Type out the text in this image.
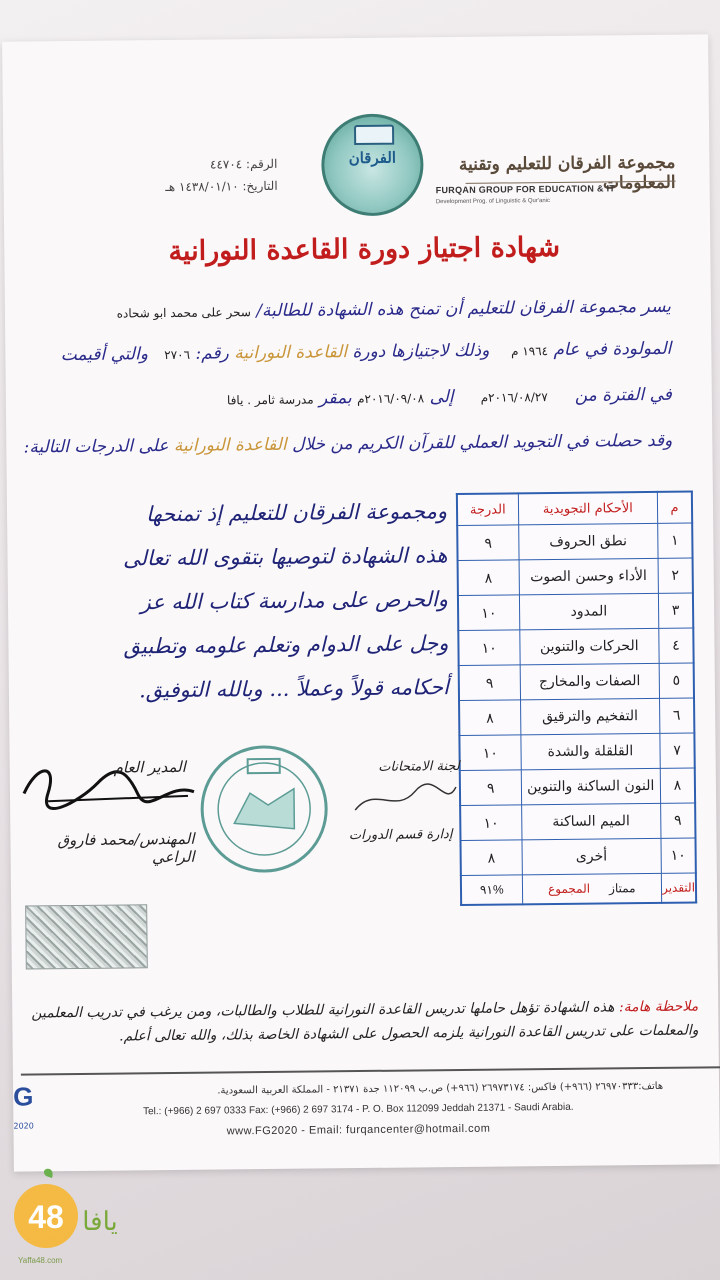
مجموعة الفرقان للتعليم وتقنية المعلومات
FURQAN GROUP FOR EDUCATION & IT
Development Prog. of Linguistic & Qur'anic
الفرقان
الرقم: ٤٤٧٠٤
التاريخ: ١٤٣٨/٠١/١٠ هـ
شهادة اجتياز دورة القاعدة النورانية
يسر مجموعة الفرقان للتعليم أن تمنح هذه الشهادة للطالبة/ سحر على محمد ابو شحاده
المولودة في عام ١٩٦٤ م    وذلك لاجتيازها دورة القاعدة النورانية رقم: ٢٧٠٦   والتي أقيمت
في الفترة من     ٢٠١٦/٠٨/٢٧م     إلى ٢٠١٦/٠٩/٠٨م بمقر مدرسة ثامر . يافا
وقد حصلت في التجويد العملي للقرآن الكريم من خلال القاعدة النورانية على الدرجات التالية:
ومجموعة الفرقان للتعليم إذ تمنحها هذه الشهادة لتوصيها بتقوى الله تعالى والحرص على مدارسة كتاب الله عز وجل على الدوام وتعلم علومه وتطبيق أحكامه قولاً وعملاً ... وبالله التوفيق.
م	الأحكام التجويدية	الدرجة
١	نطق الحروف	٩
٢	الأداء وحسن الصوت	٨
٣	المدود	١٠
٤	الحركات والتنوين	١٠
٥	الصفات والمخارج	٩
٦	التفخيم والترقيق	٨
٧	القلقلة والشدة	١٠
٨	النون الساكنة والتنوين	٩
٩	الميم الساكنة	١٠
١٠	أخرى	٨
التقدير	ممتاز     المجموع	%٩١
المدير العام
المهندس/محمد فاروق الراعي
لجنة الامتحانات
إدارة قسم الدورات
ملاحظة هامة: هذه الشهادة تؤهل حاملها تدريس القاعدة النورانية للطلاب والطالبات، ومن يرغب في تدريب المعلمين والمعلمات على تدريس القاعدة النورانية يلزمه الحصول على الشهادة الخاصة بذلك، والله تعالى أعلم.
G
2020
هاتف:٢٦٩٧٠٣٣٣ (٩٦٦+) فاكس: ٢٦٩٧٣١٧٤ (٩٦٦+) ص.ب ١١٢٠٩٩ جدة ٢١٣٧١ - المملكة العربية السعودية.
Tel.: (+966) 2 697 0333 Fax: (+966) 2 697 3174 - P. O. Box 112099 Jeddah 21371 - Saudi Arabia.
www.FG2020 - Email: furqancenter@hotmail.com
48 يافا
Yaffa48.com
